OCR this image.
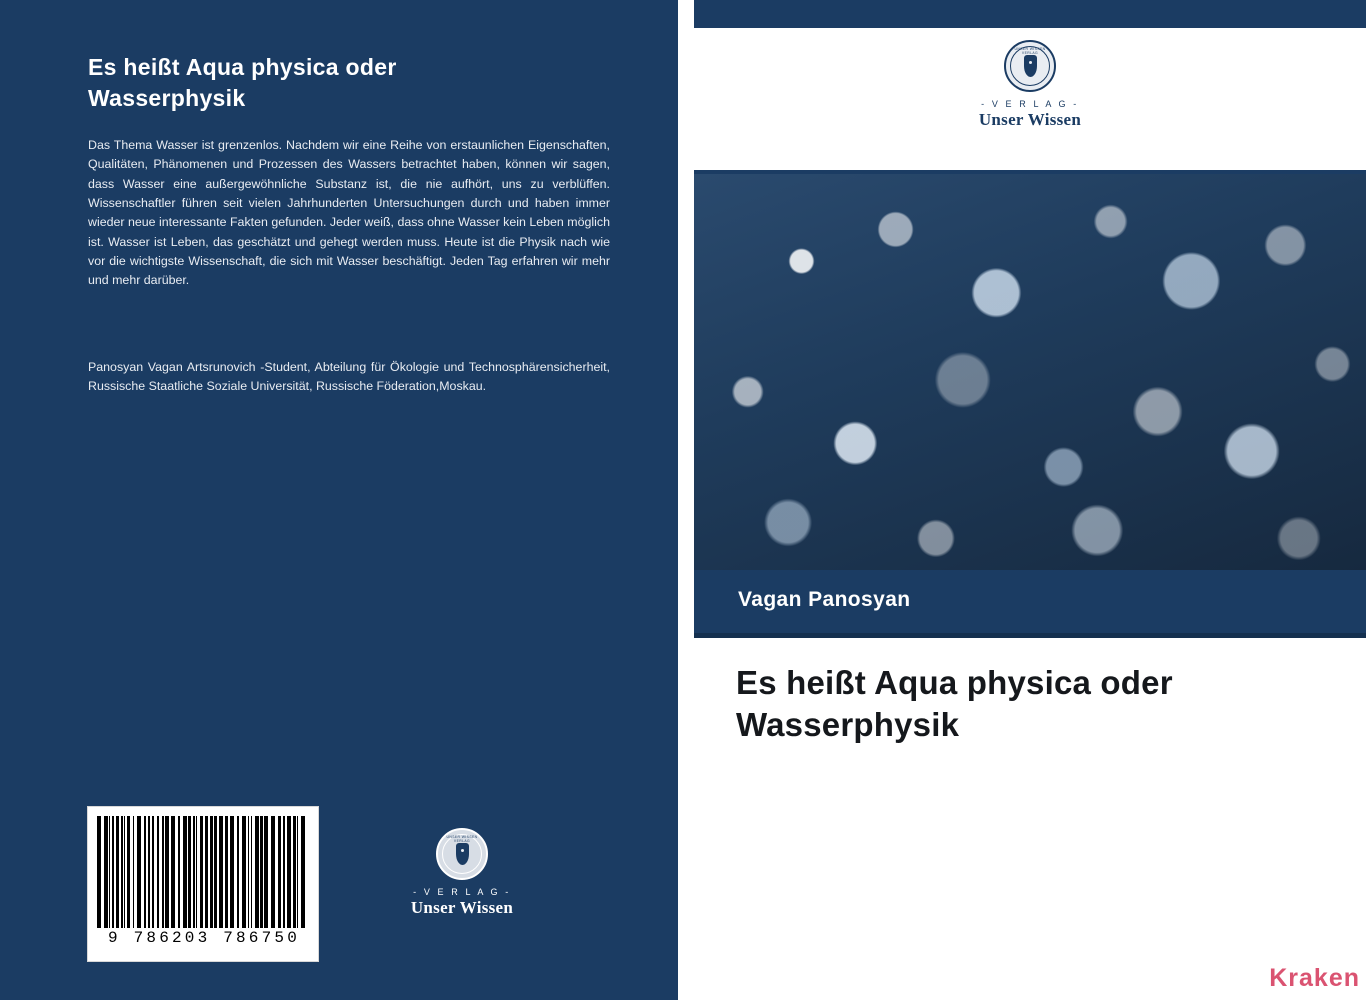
Es heißt Aqua physica oder Wasserphysik
Das Thema Wasser ist grenzenlos. Nachdem wir eine Reihe von erstaunlichen Eigenschaften, Qualitäten, Phänomenen und Prozessen des Wassers betrachtet haben, können wir sagen, dass Wasser eine außergewöhnliche Substanz ist, die nie aufhört, uns zu verblüffen. Wissenschaftler führen seit vielen Jahrhunderten Untersuchungen durch und haben immer wieder neue interessante Fakten gefunden. Jeder weiß, dass ohne Wasser kein Leben möglich ist. Wasser ist Leben, das geschätzt und gehegt werden muss. Heute ist die Physik nach wie vor die wichtigste Wissenschaft, die sich mit Wasser beschäftigt. Jeden Tag erfahren wir mehr und mehr darüber.
Panosyan Vagan Artsrunovich -Student, Abteilung für Ökologie und Technosphärensicherheit, Russische Staatliche Soziale Universität, Russische Föderation,Moskau.
9 786203 786750
UNSER WISSEN VERLAG
- V E R L A G -
Unser Wissen
UNSER WISSEN VERLAG
- V E R L A G -
Unser Wissen
Vagan Panosyan
Es heißt Aqua physica oder Wasserphysik
Kraken
